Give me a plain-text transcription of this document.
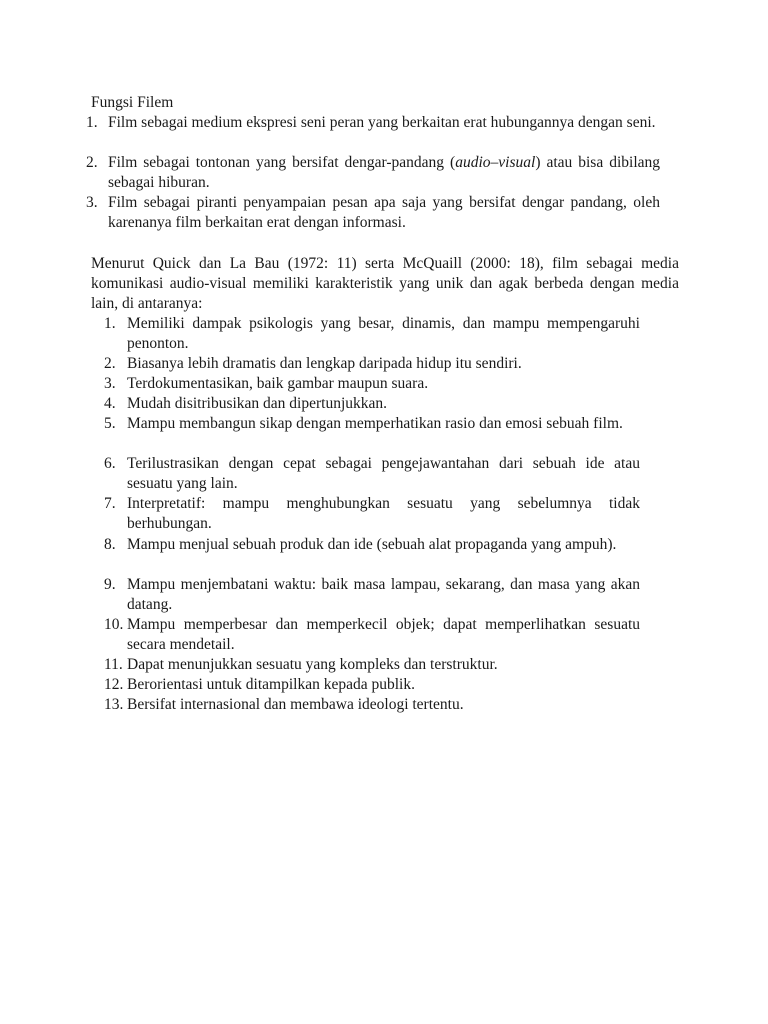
Fungsi Filem
1. Film sebagai medium ekspresi seni peran yang berkaitan erat hubungannya dengan seni.
2. Film sebagai tontonan yang bersifat dengar-pandang (audio–visual) atau bisa dibilang sebagai hiburan.
3. Film sebagai piranti penyampaian pesan apa saja yang bersifat dengar pandang, oleh karenanya film berkaitan erat dengan informasi.
Menurut Quick dan La Bau (1972: 11) serta McQuaill (2000: 18), film sebagai media komunikasi audio-visual memiliki karakteristik yang unik dan agak berbeda dengan media lain, di antaranya:
1. Memiliki dampak psikologis yang besar, dinamis, dan mampu mempengaruhi penonton.
2. Biasanya lebih dramatis dan lengkap daripada hidup itu sendiri.
3. Terdokumentasikan, baik gambar maupun suara.
4. Mudah disitribusikan dan dipertunjukkan.
5. Mampu membangun sikap dengan memperhatikan rasio dan emosi sebuah film.
6. Terilustrasikan dengan cepat sebagai pengejawantahan dari sebuah ide atau sesuatu yang lain.
7. Interpretatif: mampu menghubungkan sesuatu yang sebelumnya tidak berhubungan.
8. Mampu menjual sebuah produk dan ide (sebuah alat propaganda yang ampuh).
9. Mampu menjembatani waktu: baik masa lampau, sekarang, dan masa yang akan datang.
10. Mampu memperbesar dan memperkecil objek; dapat memperlihatkan sesuatu secara mendetail.
11. Dapat menunjukkan sesuatu yang kompleks dan terstruktur.
12. Berorientasi untuk ditampilkan kepada publik.
13. Bersifat internasional dan membawa ideologi tertentu.
